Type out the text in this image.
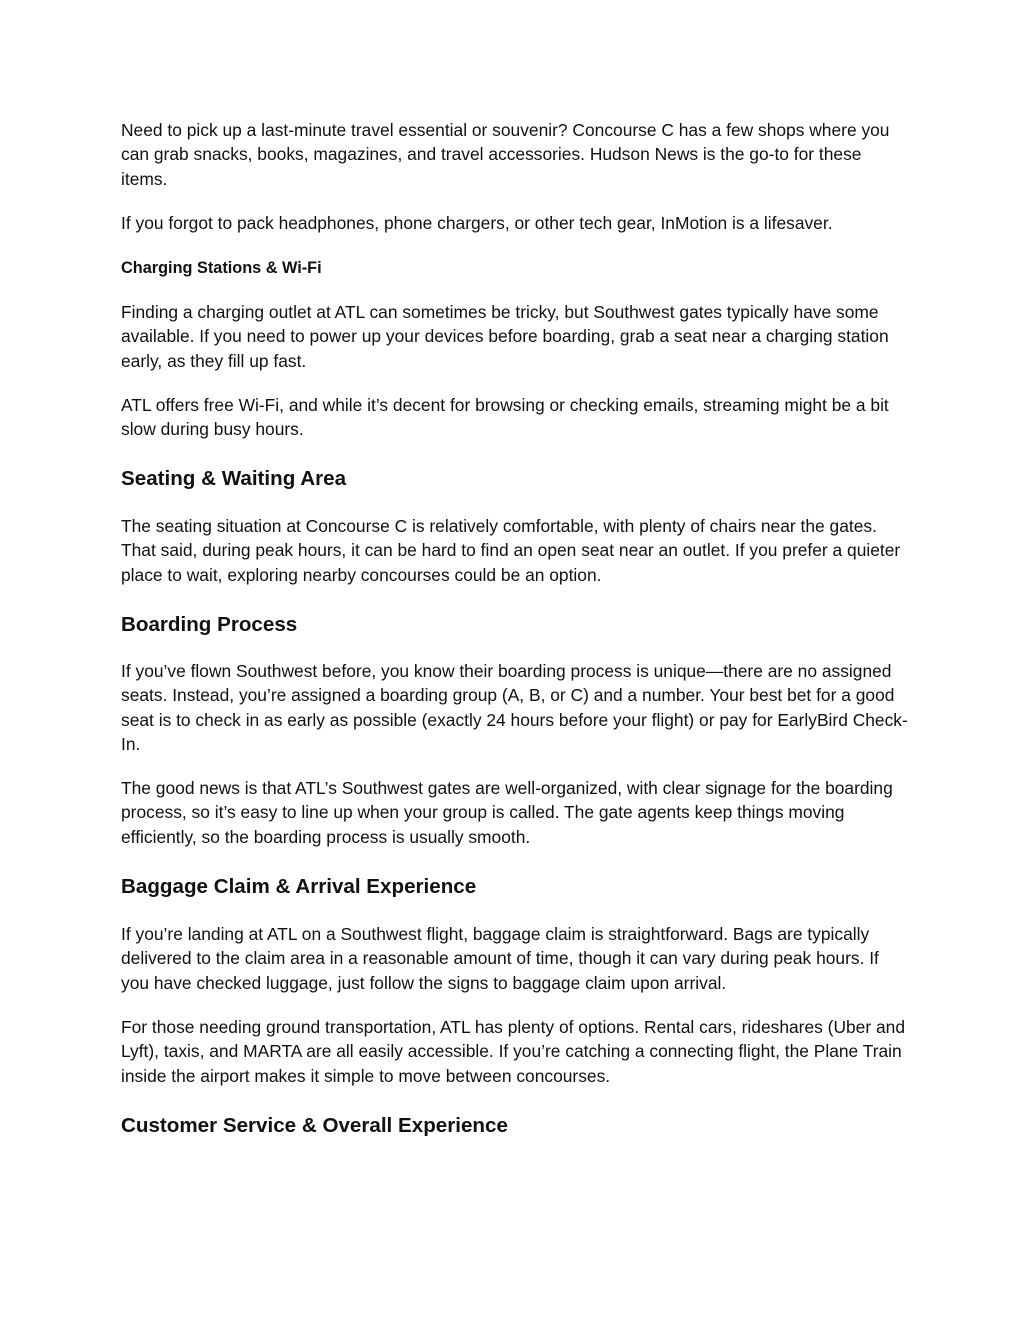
Need to pick up a last-minute travel essential or souvenir? Concourse C has a few shops where you can grab snacks, books, magazines, and travel accessories. Hudson News is the go-to for these items.

If you forgot to pack headphones, phone chargers, or other tech gear, InMotion is a lifesaver.

Charging Stations & Wi-Fi

Finding a charging outlet at ATL can sometimes be tricky, but Southwest gates typically have some available. If you need to power up your devices before boarding, grab a seat near a charging station early, as they fill up fast.

ATL offers free Wi-Fi, and while it’s decent for browsing or checking emails, streaming might be a bit slow during busy hours.

Seating & Waiting Area

The seating situation at Concourse C is relatively comfortable, with plenty of chairs near the gates. That said, during peak hours, it can be hard to find an open seat near an outlet. If you prefer a quieter place to wait, exploring nearby concourses could be an option.

Boarding Process

If you’ve flown Southwest before, you know their boarding process is unique—there are no assigned seats. Instead, you’re assigned a boarding group (A, B, or C) and a number. Your best bet for a good seat is to check in as early as possible (exactly 24 hours before your flight) or pay for EarlyBird Check-In.

The good news is that ATL’s Southwest gates are well-organized, with clear signage for the boarding process, so it’s easy to line up when your group is called. The gate agents keep things moving efficiently, so the boarding process is usually smooth.

Baggage Claim & Arrival Experience

If you’re landing at ATL on a Southwest flight, baggage claim is straightforward. Bags are typically delivered to the claim area in a reasonable amount of time, though it can vary during peak hours. If you have checked luggage, just follow the signs to baggage claim upon arrival.

For those needing ground transportation, ATL has plenty of options. Rental cars, rideshares (Uber and Lyft), taxis, and MARTA are all easily accessible. If you’re catching a connecting flight, the Plane Train inside the airport makes it simple to move between concourses.

Customer Service & Overall Experience
